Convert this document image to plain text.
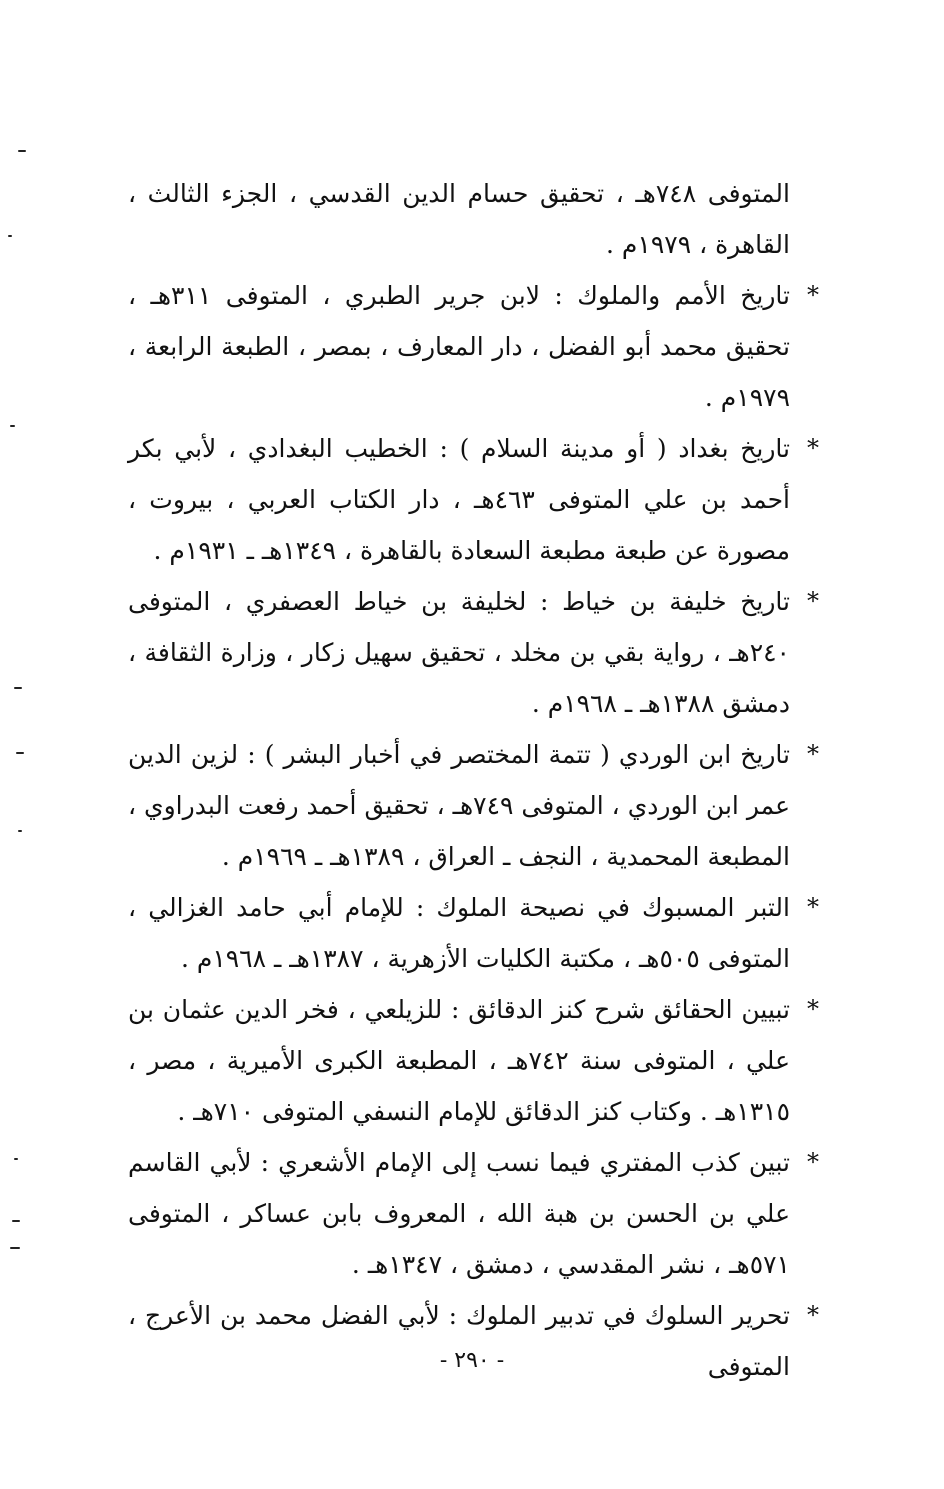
المتوفى ٧٤٨هـ ، تحقيق حسام الدين القدسي ، الجزء الثالث ، القاهرة ، ١٩٧٩م .
*
تاريخ الأمم والملوك : لابن جرير الطبري ، المتوفى ٣١١هـ ، تحقيق محمد أبو الفضل ، دار المعارف ، بمصر ، الطبعة الرابعة ، ١٩٧٩م .
*
تاريخ بغداد ( أو مدينة السلام ) : الخطيب البغدادي ، لأبي بكر أحمد بن علي المتوفى ٤٦٣هـ ، دار الكتاب العربي ، بيروت ، مصورة عن طبعة مطبعة السعادة بالقاهرة ، ١٣٤٩هـ ـ ١٩٣١م .
*
تاريخ خليفة بن خياط : لخليفة بن خياط العصفري ، المتوفى ٢٤٠هـ ، رواية بقي بن مخلد ، تحقيق سهيل زكار ، وزارة الثقافة ، دمشق ١٣٨٨هـ ـ ١٩٦٨م .
*
تاريخ ابن الوردي ( تتمة المختصر في أخبار البشر ) : لزين الدين عمر ابن الوردي ، المتوفى ٧٤٩هـ ، تحقيق أحمد رفعت البدراوي ، المطبعة المحمدية ، النجف ـ العراق ، ١٣٨٩هـ ـ ١٩٦٩م .
*
التبر المسبوك في نصيحة الملوك : للإمام أبي حامد الغزالي ، المتوفى ٥٠٥هـ ، مكتبة الكليات الأزهرية ، ١٣٨٧هـ ـ ١٩٦٨م .
*
تبيين الحقائق شرح كنز الدقائق : للزيلعي ، فخر الدين عثمان بن علي ، المتوفى سنة ٧٤٢هـ ، المطبعة الكبرى الأميرية ، مصر ، ١٣١٥هـ . وكتاب كنز الدقائق للإمام النسفي المتوفى ٧١٠هـ .
*
تبين كذب المفتري فيما نسب إلى الإمام الأشعري : لأبي القاسم علي بن الحسن بن هبة الله ، المعروف بابن عساكر ، المتوفى ٥٧١هـ ، نشر المقدسي ، دمشق ، ١٣٤٧هـ .
*
تحرير السلوك في تدبير الملوك : لأبي الفضل محمد بن الأعرج ، المتوفى
- ٢٩٠ -
